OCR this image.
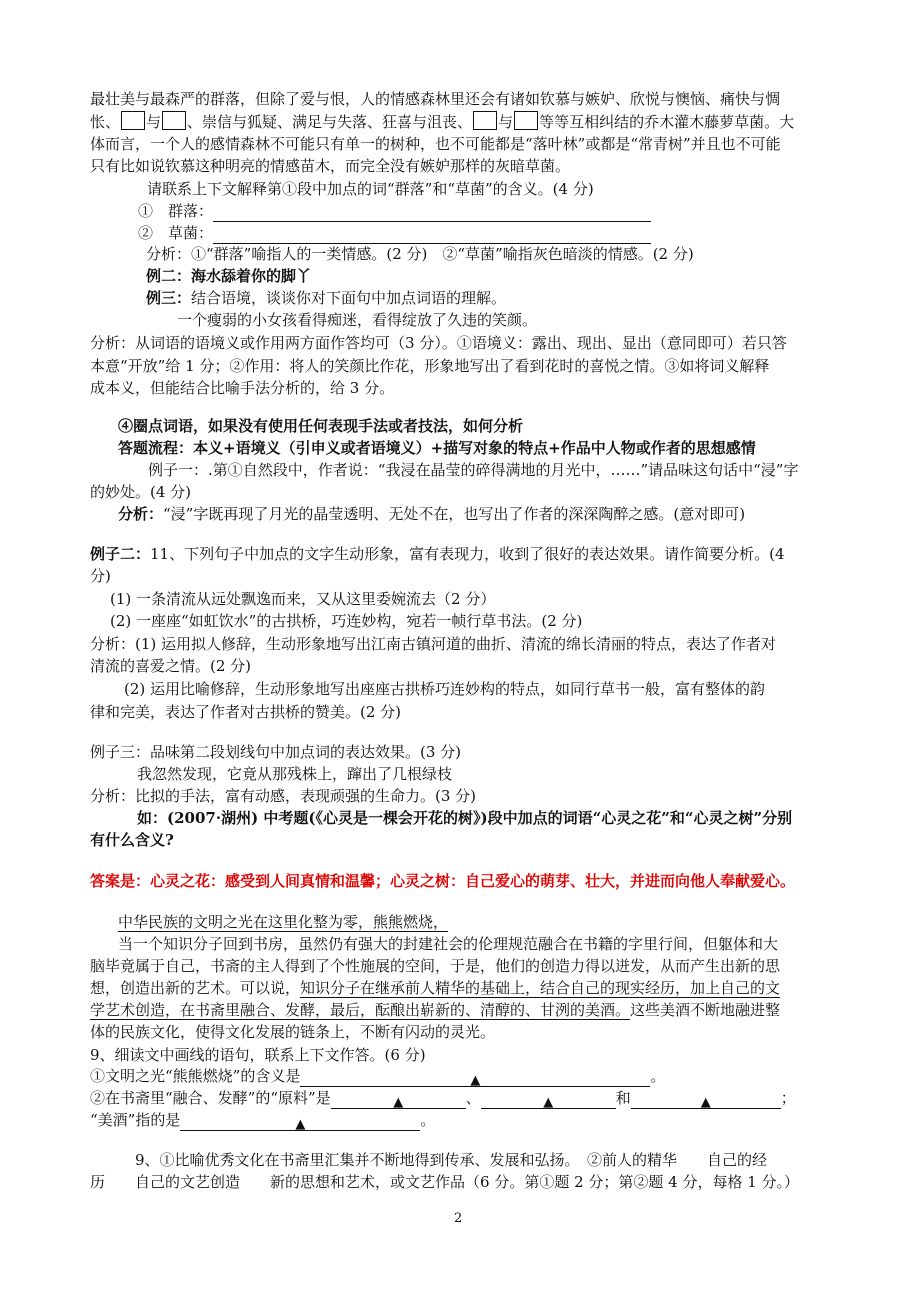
最壮美与最森严的群落，但除了爱与恨，人的情感森林里还会有诸如钦慕与嫉妒、欣悦与懊恼、痛快与惆
怅、 与 、崇信与狐疑、满足与失落、狂喜与沮丧、 与 等等互相纠结的乔木灌木藤萝草菌。大
体而言，一个人的感情森林不可能只有单一的树种，也不可能都是“落叶林”或都是“常青树”并且也不可能
只有比如说钦慕这种明亮的情感苗木，而完全没有嫉妒那样的灰暗草菌。
请联系上下文解释第①段中加点的词“群落”和“草菌”的含义。(4 分)
①　群落：
②　草菌：
分析：①“群落”喻指人的一类情感。(2 分)　②“草菌”喻指灰色暗淡的情感。(2 分)
例二：海水舔着你的脚丫
例三：结合语境，谈谈你对下面句中加点词语的理解。
一个瘦弱的小女孩看得痴迷，看得绽放了久违的笑颜。
分析：从词语的语境义或作用两方面作答均可（3 分）。①语境义：露出、现出、显出（意同即可）若只答
本意“开放”给 1 分；②作用：将人的笑颜比作花，形象地写出了看到花时的喜悦之情。③如将词义解释
成本义，但能结合比喻手法分析的，给 3 分。
④圈点词语，如果没有使用任何表现手法或者技法，如何分析
答题流程：本义+语境义（引申义或者语境义）+描写对象的特点+作品中人物或作者的思想感情
例子一：.第①自然段中，作者说：“我浸在晶莹的碎得满地的月光中，……”请品味这句话中“浸”字
的妙处。(4 分)
分析：“浸”字既再现了月光的晶莹透明、无处不在，也写出了作者的深深陶醉之感。(意对即可)
例子二：11、下列句子中加点的文字生动形象，富有表现力，收到了很好的表达效果。请作简要分析。(4
分)
(1) 一条清流从远处飘逸而来，又从这里委婉流去（2 分）
(2) 一座座“如虹饮水”的古拱桥，巧连妙构，宛若一帧行草书法。(2 分)
分析：(1) 运用拟人修辞，生动形象地写出江南古镇河道的曲折、清流的绵长清丽的特点，表达了作者对
清流的喜爱之情。(2 分)
(2) 运用比喻修辞，生动形象地写出座座古拱桥巧连妙构的特点，如同行草书一般，富有整体的韵
律和完美，表达了作者对古拱桥的赞美。(2 分)
例子三：品味第二段划线句中加点词的表达效果。(3 分)
我忽然发现，它竟从那残株上，蹿出了几根绿枝
分析：比拟的手法，富有动感，表现顽强的生命力。(3 分)
如：(2007·湖州) 中考题(《心灵是一棵会开花的树》)段中加点的词语“心灵之花”和“心灵之树”分别
有什么含义?
答案是：心灵之花：感受到人间真情和温馨；心灵之树：自己爱心的萌芽、壮大，并进而向他人奉献爱心。
中华民族的文明之光在这里化整为零，熊熊燃烧，
当一个知识分子回到书房，虽然仍有强大的封建社会的伦理规范融合在书籍的字里行间，但躯体和大
脑毕竟属于自己，书斋的主人得到了个性施展的空间，于是，他们的创造力得以迸发，从而产生出新的思
想，创造出新的艺术。可以说，知识分子在继承前人精华的基础上，结合自己的现实经历，加上自己的文
学艺术创造，在书斋里融合、发酵，最后，酝酿出崭新的、清醇的、甘洌的美酒。这些美酒不断地融进整
体的民族文化，使得文化发展的链条上，不断有闪动的灵光。
9、细读文中画线的语句，联系上下文作答。(6 分)
①文明之光“熊熊燃烧”的含义是	▲	。
②在书斋里“融合、发酵”的“原料”是	▲	、	▲	和	▲	；
“美酒”指的是	▲	。
9、①比喻优秀文化在书斋里汇集并不断地得到传承、发展和弘扬。　②前人的精华　　自己的经
历　　自己的文艺创造　　新的思想和艺术，或文艺作品（6 分。第①题 2 分；第②题 4 分，每格 1 分。）
2
